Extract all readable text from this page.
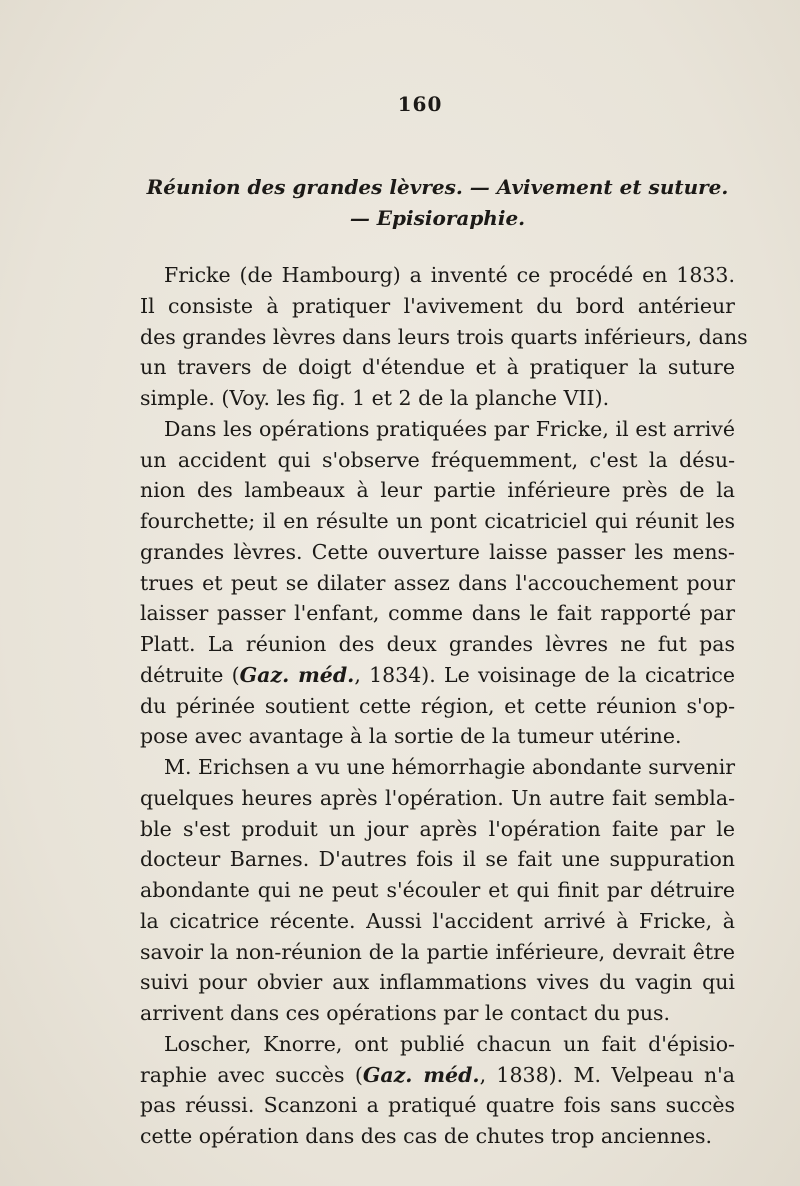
160
Réunion des grandes lèvres. — Avivement et suture.
— Episioraphie.
Fricke (de Hambourg) a inventé ce procédé en 1833.
Il consiste à pratiquer l'avivement du bord antérieur
des grandes lèvres dans leurs trois quarts inférieurs, dans
un travers de doigt d'étendue et à pratiquer la suture
simple. (Voy. les fig. 1 et 2 de la planche VII).
Dans les opérations pratiquées par Fricke, il est arrivé
un accident qui s'observe fréquemment, c'est la désu-
nion des lambeaux à leur partie inférieure près de la
fourchette; il en résulte un pont cicatriciel qui réunit les
grandes lèvres. Cette ouverture laisse passer les mens-
trues et peut se dilater assez dans l'accouchement pour
laisser passer l'enfant, comme dans le fait rapporté par
Platt. La réunion des deux grandes lèvres ne fut pas
détruite (Gaz. méd., 1834). Le voisinage de la cicatrice
du périnée soutient cette région, et cette réunion s'op-
pose avec avantage à la sortie de la tumeur utérine.
M. Erichsen a vu une hémorrhagie abondante survenir
quelques heures après l'opération. Un autre fait sembla-
ble s'est produit un jour après l'opération faite par le
docteur Barnes. D'autres fois il se fait une suppuration
abondante qui ne peut s'écouler et qui finit par détruire
la cicatrice récente. Aussi l'accident arrivé à Fricke, à
savoir la non-réunion de la partie inférieure, devrait être
suivi pour obvier aux inflammations vives du vagin qui
arrivent dans ces opérations par le contact du pus.
Loscher, Knorre, ont publié chacun un fait d'épisio-
raphie avec succès (Gaz. méd., 1838). M. Velpeau n'a
pas réussi. Scanzoni a pratiqué quatre fois sans succès
cette opération dans des cas de chutes trop anciennes.
